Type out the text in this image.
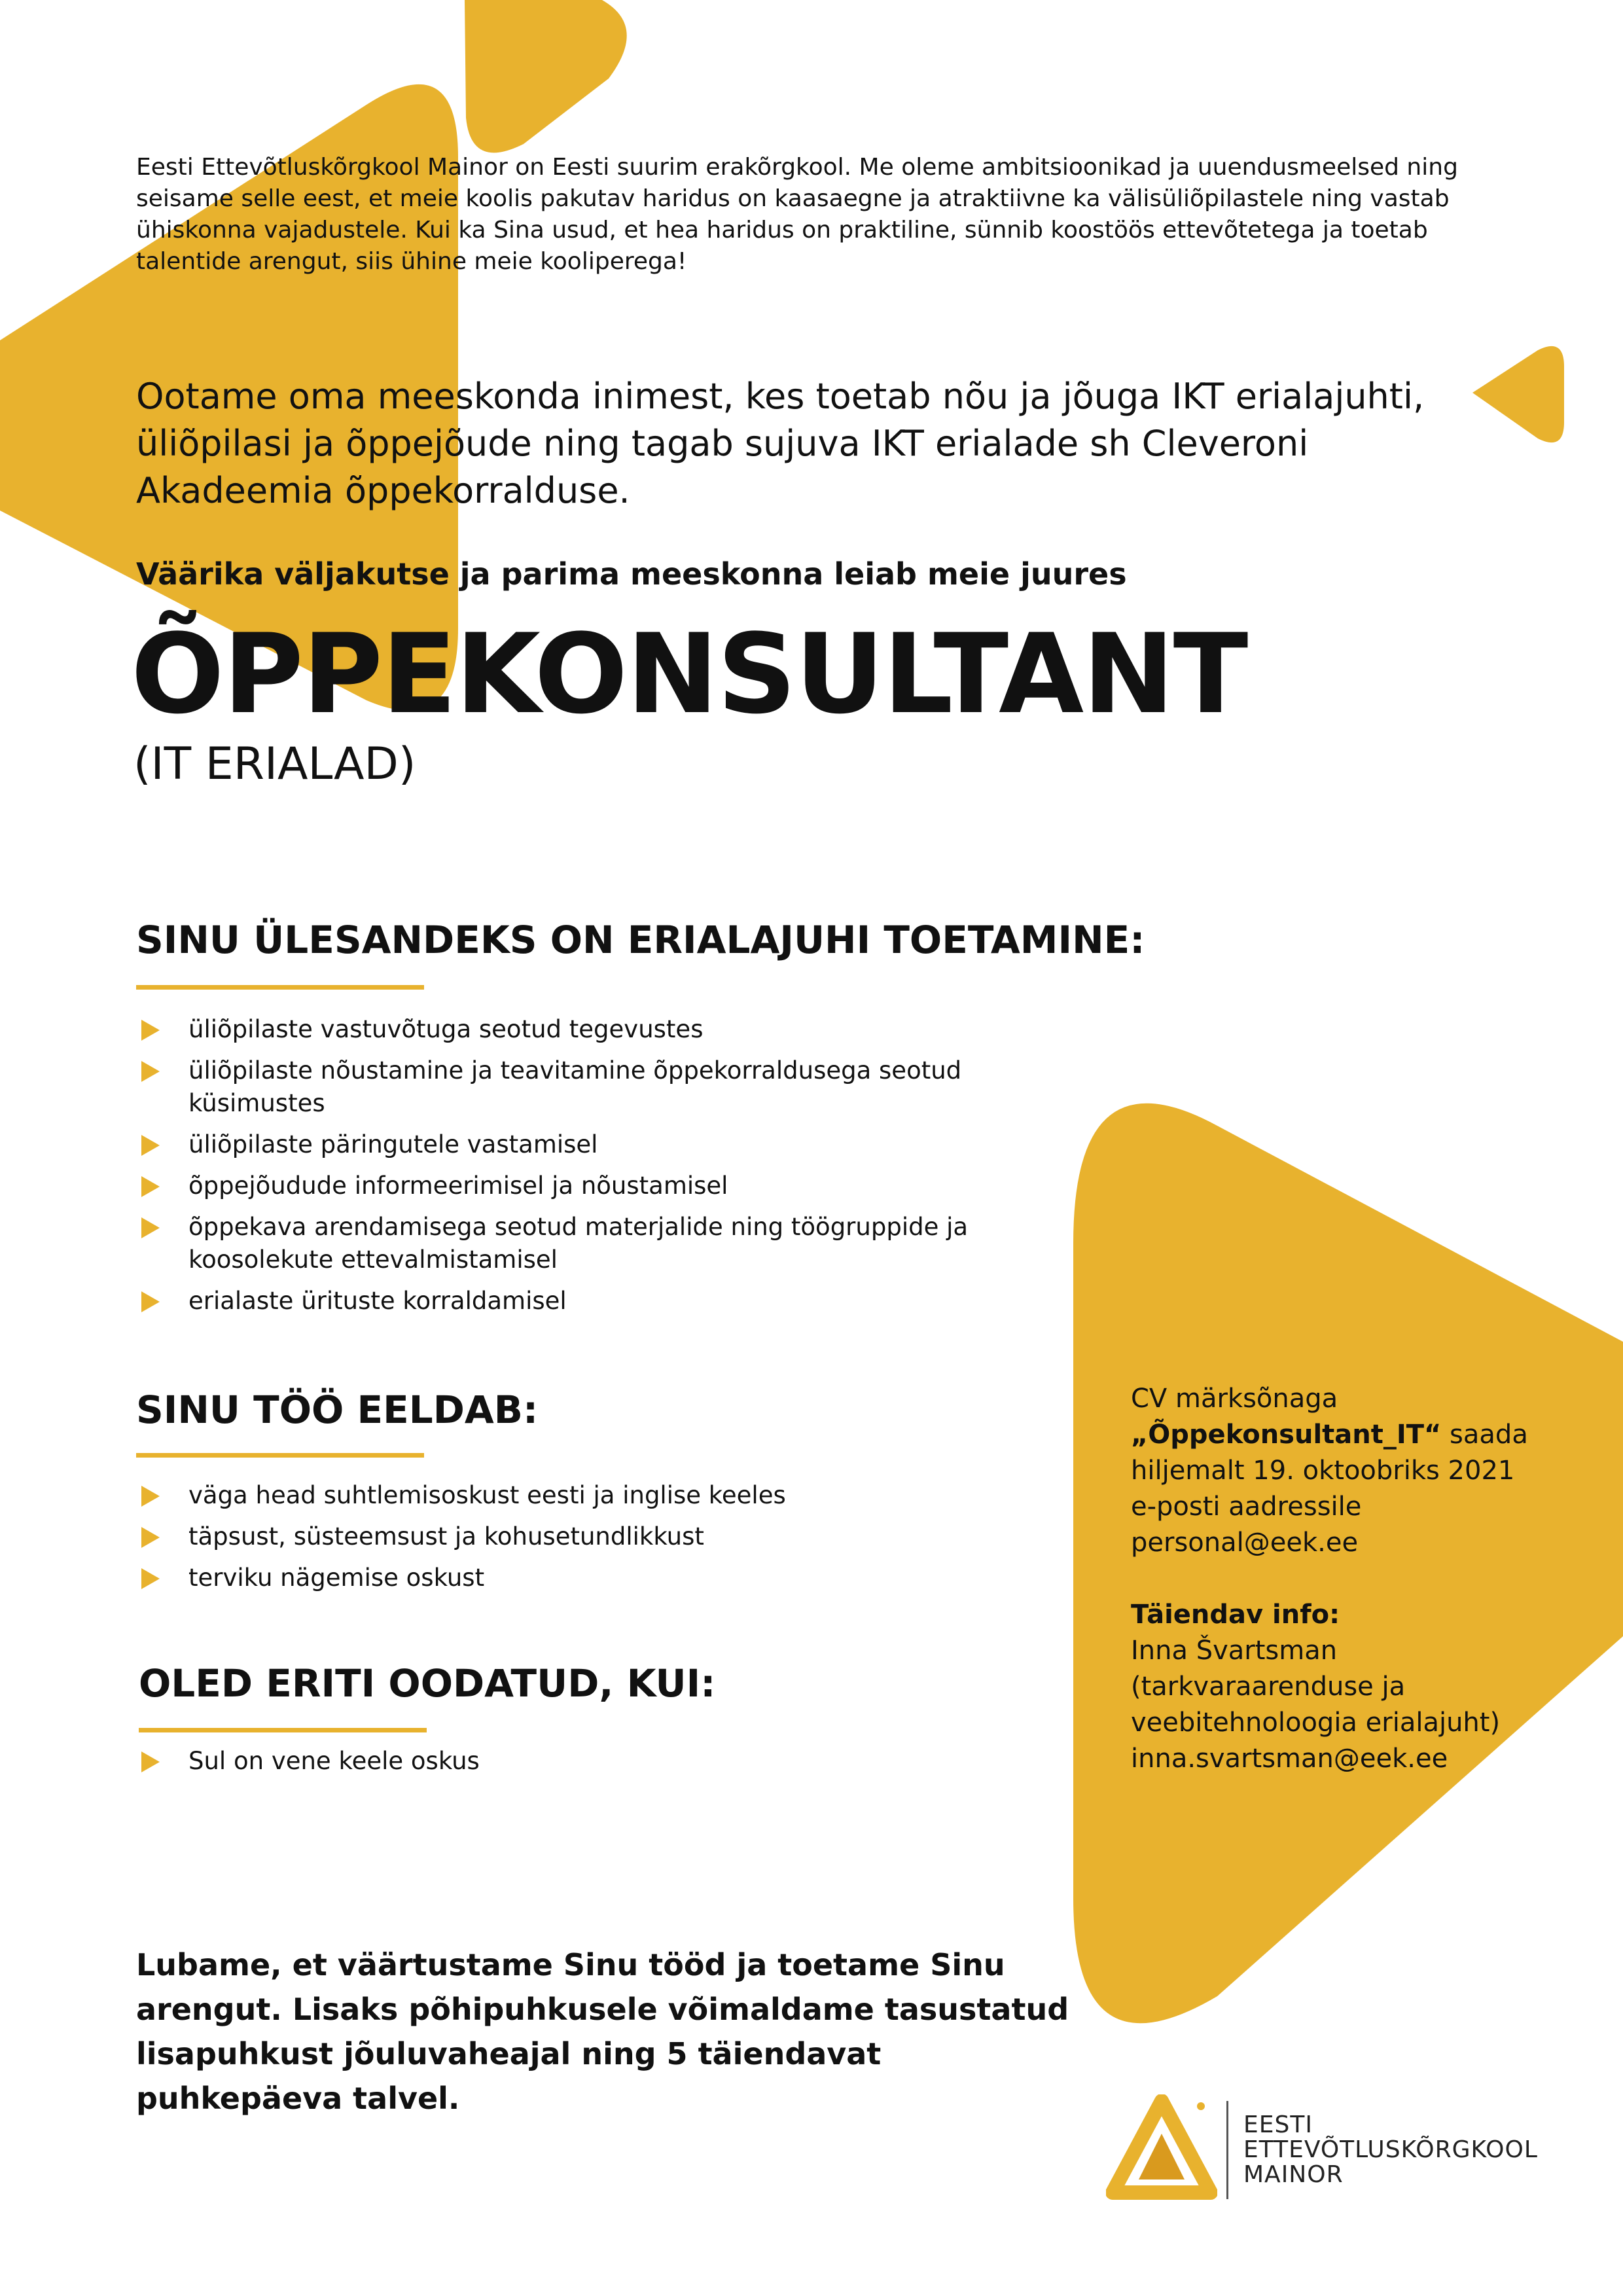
Eesti Ettevõtluskõrgkool Mainor on Eesti suurim erakõrgkool. Me oleme ambitsioonikad ja uuendusmeelsed ning seisame selle eest, et meie koolis pakutav haridus on kaasaegne ja atraktiivne ka välisüliõpilastele ning vastab ühiskonna vajadustele. Kui ka Sina usud, et hea haridus on praktiline, sünnib koostöös ettevõtetega ja toetab talentide arengut, siis ühine meie kooliperega!
Ootame oma meeskonda inimest, kes toetab nõu ja jõuga IKT erialajuhti, üliõpilasi ja õppejõude ning tagab sujuva IKT erialade sh Cleveroni Akadeemia õppekorralduse.
Väärika väljakutse ja parima meeskonna leiab meie juures
ÕPPEKONSULTANT
(IT ERIALAD)
SINU ÜLESANDEKS ON ERIALAJUHI TOETAMINE:
üliõpilaste vastuvõtuga seotud tegevustes
üliõpilaste nõustamine ja teavitamine õppekorraldusega seotud küsimustes
üliõpilaste päringutele vastamisel
õppejõudude informeerimisel ja nõustamisel
õppekava arendamisega seotud materjalide ning töögruppide ja koosolekute ettevalmistamisel
erialaste ürituste korraldamisel
SINU TÖÖ EELDAB:
väga head suhtlemisoskust eesti ja inglise keeles
täpsust, süsteemsust ja kohusetundlikkust
terviku nägemise oskust
OLED ERITI OODATUD, KUI:
Sul on vene keele oskus
Lubame, et väärtustame Sinu tööd ja toetame Sinu arengut. Lisaks põhipuhkusele võimaldame tasustatud lisapuhkust jõuluvaheajal ning 5 täiendavat puhkepäeva talvel.
CV märksõnaga
„Õppekonsultant_IT“ saada
hiljemalt 19. oktoobriks 2021
e-posti aadressile
personal@eek.ee
Täiendav info:
Inna Švartsman
(tarkvaraarenduse ja
veebitehnoloogia erialajuht)
inna.svartsman@eek.ee
EESTI
ETTEVÕTLUSKÕRGKOOL
MAINOR
